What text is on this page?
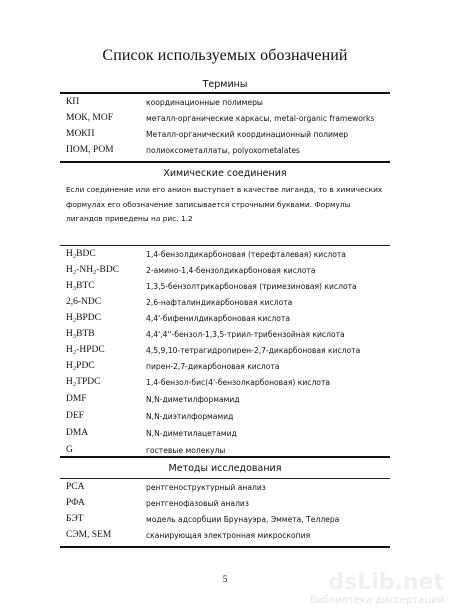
Список используемых обозначений
Термины
КП	координационные полимеры
МОК, MOF	металл-органические каркасы, metal-organic frameworks
МОКП	Металл-органический координационный полимер
ПОМ, РОМ	полиоксометаллаты, polyoxometalates
Химические соединения
Если соединение или его анион выступает в качестве лиганда, то в химических формулах его обозначение записывается строчными буквами. Формулы лигандов приведены на рис. 1.2
H₂BDC	1,4-бензолдикарбоновая (терефталевая) кислота
H₂-NH₂-BDC	2-амино-1,4-бензолдикарбоновая кислота
H₃BTC	1,3,5-бензолтрикарбоновая (тримезиновая) кислота
2,6-NDC	2,6-нафталиндикарбоновая кислота
H₂BPDC	4,4'-бифенилдикарбоновая кислота
H₃BTB	4,4',4''-бензол-1,3,5-триил-трибензойная кислота
H₂-HPDC	4,5,9,10-тетрагидропирен-2,7-дикарбоновая кислота
H₂PDC	пирен-2,7-дикарбоновая кислота
H₂TPDC	1,4-бензол-бис(4'-бензолкарбоновая) кислота
DMF	N,N-диметилформамид
DEF	N,N-диэтилформамид
DMA	N,N-диметилацетамид
G	гостевые молекулы
Методы исследования
PCA	рентгеноструктурный анализ
РФА	рентгенофазовый анализ
БЭТ	модель адсорбции Брунауэра, Эммета, Теллера
СЭМ, SEM	сканирующая электронная микроскопия
5	dsLib.net
библиотека диссертаций
